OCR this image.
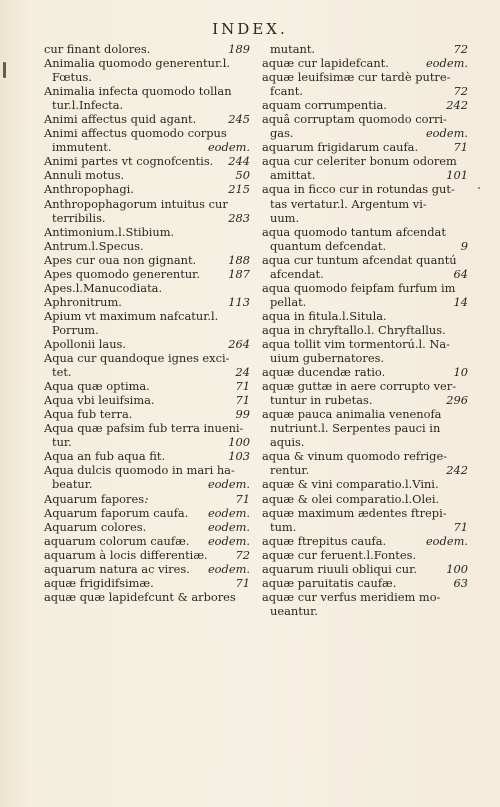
INDEX.
cur finant dolores.	189
Animalia quomodo generentur.l.
Fœtus.
Animalia infecta quomodo tollan
tur.l.Infecta.
Animi affectus quid agant.	245
Animi affectus quomodo corpus
immutent.	eodem.
Animi partes vt cognofcentis.	244
Annuli motus.	50
Anthropophagi.	215
Anthropophagorum intuitus cur
terribilis.	283
Antimonium.l.Stibium.
Antrum.l.Specus.
Apes cur oua non gignant.	188
Apes quomodo generentur.	187
Apes.l.Manucodiata.
Aphronitrum.	113
Apium vt maximum nafcatur.l.
Porrum.
Apollonii laus.	264
Aqua cur quandoque ignes exci-
tet.	24
Aqua quæ optima.	71
Aqua vbi leuifsima.	71
Aqua fub terra.	99
Aqua quæ pafsim fub terra inueni-
tur.	100
Aqua an fub aqua fit.	103
Aqua dulcis quomodo in mari ha-
beatur.	eodem.
Aquarum fapores.	71
Aquarum faporum caufa.	eodem.
Aquarum colores.	eodem.
aquarum colorum caufæ.	eodem.
aquarum à locis differentiæ.	72
aquarum natura ac vires.	eodem.
aquæ frigidifsimæ.	71
aquæ quæ lapidefcunt & arbores
mutant.	72
aquæ cur lapidefcant.	eodem.
aquæ leuifsimæ cur tardè putre-
fcant.	72
aquam corrumpentia.	242
aquâ corruptam quomodo corri-
gas.	eodem.
aquarum frigidarum caufa.	71
aqua cur celeriter bonum odorem
amittat.	101
aqua in ficco cur in rotundas gut-
tas vertatur.l. Argentum vi-
uum.
aqua quomodo tantum afcendat
quantum defcendat.	9
aqua cur tuntum afcendat quantú
afcendat.	64
aqua quomodo feipfam furfum im
pellat.	14
aqua in fitula.l.Situla.
aqua in chryftallo.l. Chryftallus.
aqua tollit vim tormentorú.l. Na-
uium gubernatores.
aquæ ducendæ ratio.	10
aquæ guttæ in aere corrupto ver-
tuntur in rubetas.	296
aquæ pauca animalia venenofa
nutriunt.l. Serpentes pauci in
aquis.
aqua & vinum quomodo refrige-
rentur.	242
aquæ & vini comparatio.l.Vini.
aquæ & olei comparatio.l.Olei.
aquæ maximum ædentes ftrepi-
tum.	71
aquæ ftrepitus caufa.	eodem.
aquæ cur feruent.l.Fontes.
aquarum riuuli obliqui cur.	100
aquæ paruitatis caufæ.	63
aquæ cur verfus meridiem mo-
ueantur.
